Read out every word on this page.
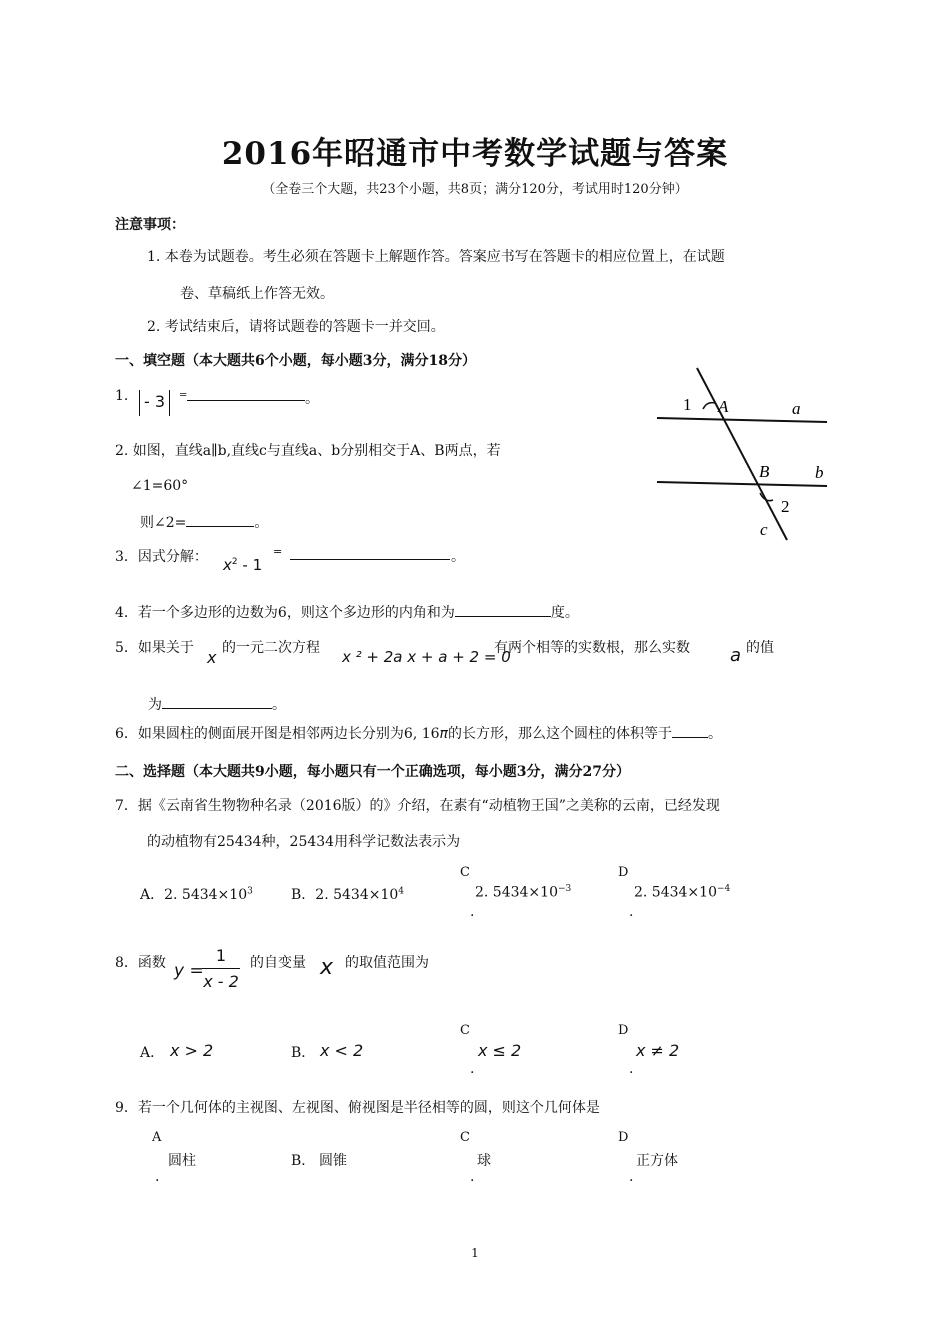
2016年昭通市中考数学试题与答案
（全卷三个大题，共23个小题，共8页；满分120分，考试用时120分钟）
注意事项：
1. 本卷为试题卷。考生必须在答题卡上解题作答。答案应书写在答题卡的相应位置上，在试题
卷、草稿纸上作答无效。
2. 考试结束后，请将试题卷的答题卡一并交回。
一、填空题（本大题共6个小题，每小题3分，满分18分）
1. - 3	=	。
2. 如图，直线a∥b,直线c与直线a、b分别相交于A、B两点，若
∠1=60°
则∠2=	。
1 A	a
B	b
2
c
3．因式分解： $x^2 - 1$
=	。
4．若一个多边形的边数为6，则这个多边形的内角和为	度。
5．如果关于 x 的一元二次方程 x ² + 2a x + a + 2 = 0
有两个相等的实数根，那么实数 a 的值
为	。
6．如果圆柱的侧面展开图是相邻两边长分别为6, 16π的长方形，那么这个圆柱的体积等于	。
二、选择题（本大题共9小题，每小题只有一个正确选项，每小题3分，满分27分）
7．据《云南省生物物种名录（2016版）的》介绍，在素有“动植物王国”之美称的云南，已经发现
的动植物有25434种，25434用科学记数法表示为
A．2. $5434\times 10^3$	B．2. $5434\times 10^4$
C
2. $5434\times 10^{-3}$
.
D
2. $5434\times 10^{-4}$
.
8．函数 y =
$\frac{1}{x - 2}$ 的自变量 x 的取值范围为
A． x > 2	B． x < 2
C
x ≤ 2
.
D
x ≠ 2
.
9．若一个几何体的主视图、左视图、俯视图是半径相等的圆，则这个几何体是
A
圆柱
.
B． 圆锥
C
球
.
D
正方体
.
1
